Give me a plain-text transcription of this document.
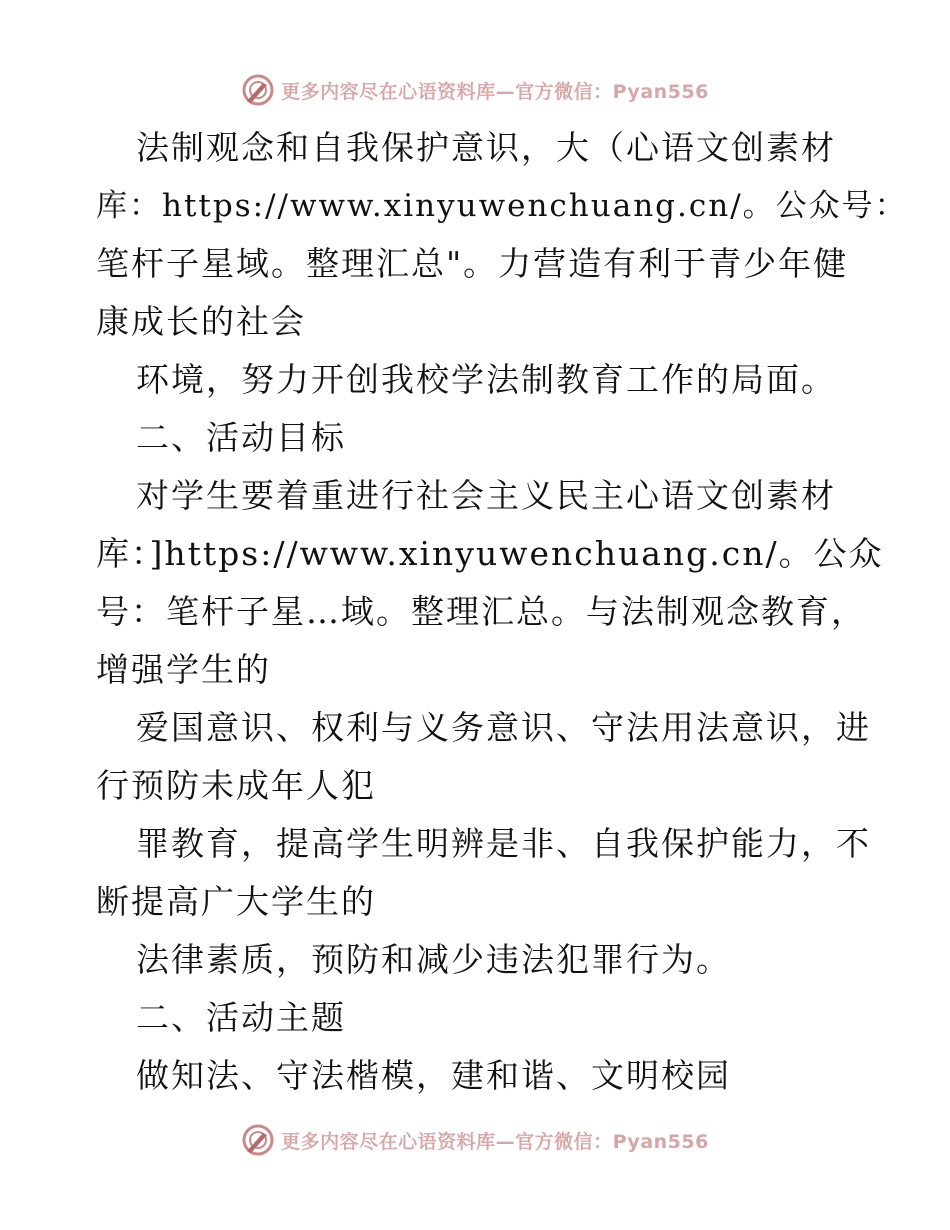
更多内容尽在心语资料库—官方微信：Pyan556
法制观念和自我保护意识，大（心语文创素材
库：https://www.xinyuwenchuang.cn/。公众号：
笔杆子星域。整理汇总"。力营造有利于青少年健
康成长的社会
环境，努力开创我校学法制教育工作的局面。
二、活动目标
对学生要着重进行社会主义民主心语文创素材
库：]https://www.xinyuwenchuang.cn/。公众
号：笔杆子星…域。整理汇总。与法制观念教育，
增强学生的
爱国意识、权利与义务意识、守法用法意识，进
行预防未成年人犯
罪教育，提高学生明辨是非、自我保护能力，不
断提高广大学生的
法律素质，预防和减少违法犯罪行为。
二、活动主题
做知法、守法楷模，建和谐、文明校园
更多内容尽在心语资料库—官方微信：Pyan556
